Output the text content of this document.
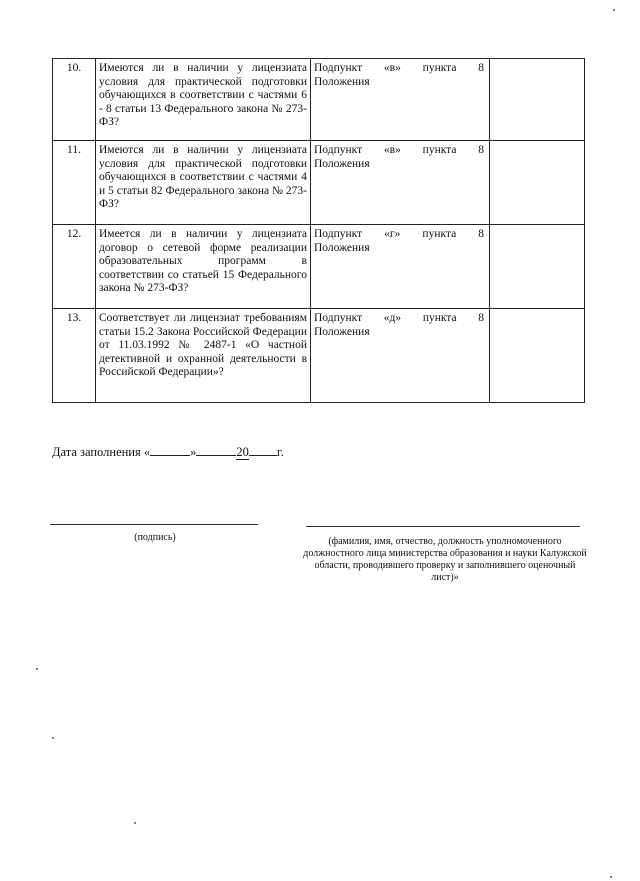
10.	Имеются ли в наличии у лицензиата условия для практической подготовки обучающихся в соответствии с частями 6 - 8 статьи 13 Федерального закона № 273-ФЗ?	Подпункт «в» пункта 8
Положения	

11.	Имеются ли в наличии у лицензиата условия для практической подготовки обучающихся в соответствии с частями 4 и 5 статьи 82 Федерального закона № 273-ФЗ?	Подпункт «в» пункта 8
Положения	

12.	Имеется ли в наличии у лицензиата договор о сетевой форме реализации образовательных программ в соответствии со статьей 15 Федерального закона № 273-ФЗ?	Подпункт «г» пункта 8
Положения	

13.	Соответствует ли лицензиат требованиям статьи 15.2 Закона Российской Федерации от 11.03.1992 № 2487-1 «О частной детективной и охранной деятельности в Российской Федерации»?	Подпункт «д» пункта 8
Положения	

Дата заполнения «	»	20 г.
(подпись)	(фамилия, имя, отчество, должность уполномоченного должностного лица министерства образования и науки Калужской области, проводившего проверку и заполнившего оценочный лист)»
